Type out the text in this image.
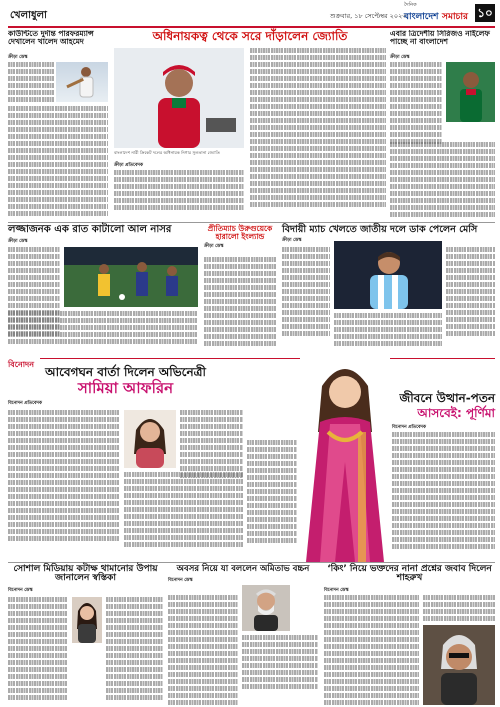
খেলাধুলা	শুক্রবার, ১৮ সেপ্টেম্বর ২০২৩
দৈনিক
বাংলাদেশ সমাচার ১০
কাউন্টিতে দুর্দান্ত পারফরম্যান্স দেখালেন খালেদ আহমেদ
ক্রীড়া ডেস্ক
অধিনায়কত্ব থেকে সরে দাঁড়ালেন জ্যোতি
বাংলাদেশ নারী ক্রিকেট দলের অধিনায়ক নিগার সুলতানা জ্যোতি
ক্রীড়া প্রতিবেদক
এবার ত্রিদেশীয় সিরিজও নাইলেফ পাচ্ছে না বাংলাদেশ
ক্রীড়া ডেস্ক
লজ্জাজনক এক রাত কাটালো আল নাসর
ক্রীড়া ডেস্ক
প্রীতিম্যাচ উরুগুয়েকে হারালো ইংল্যান্ড
ক্রীড়া ডেস্ক
বিদায়ী ম্যাচ খেলতে জাতীয় দলে ডাক পেলেন মেসি
ক্রীড়া ডেস্ক
বিনোদন
আবেগঘন বার্তা দিলেন অভিনেত্রী
সামিয়া আফরিন
বিনোদন প্রতিবেদক	জীবনে উত্থান-পতন
আসবেই: পূর্ণিমা
বিনোদন প্রতিবেদক
সোশাল মিডিয়ায় কটাক্ষ থামানোর উপায় জানালেন স্বস্তিকা
বিনোদন ডেস্ক
অবসর নিয়ে যা বললেন অমিতাভ বচ্চন
বিনোদন ডেস্ক
‘কিং’ নিয়ে ভক্তদের নানা প্রশ্নের জবাব দিলেন শাহরুখ
বিনোদন ডেস্ক
